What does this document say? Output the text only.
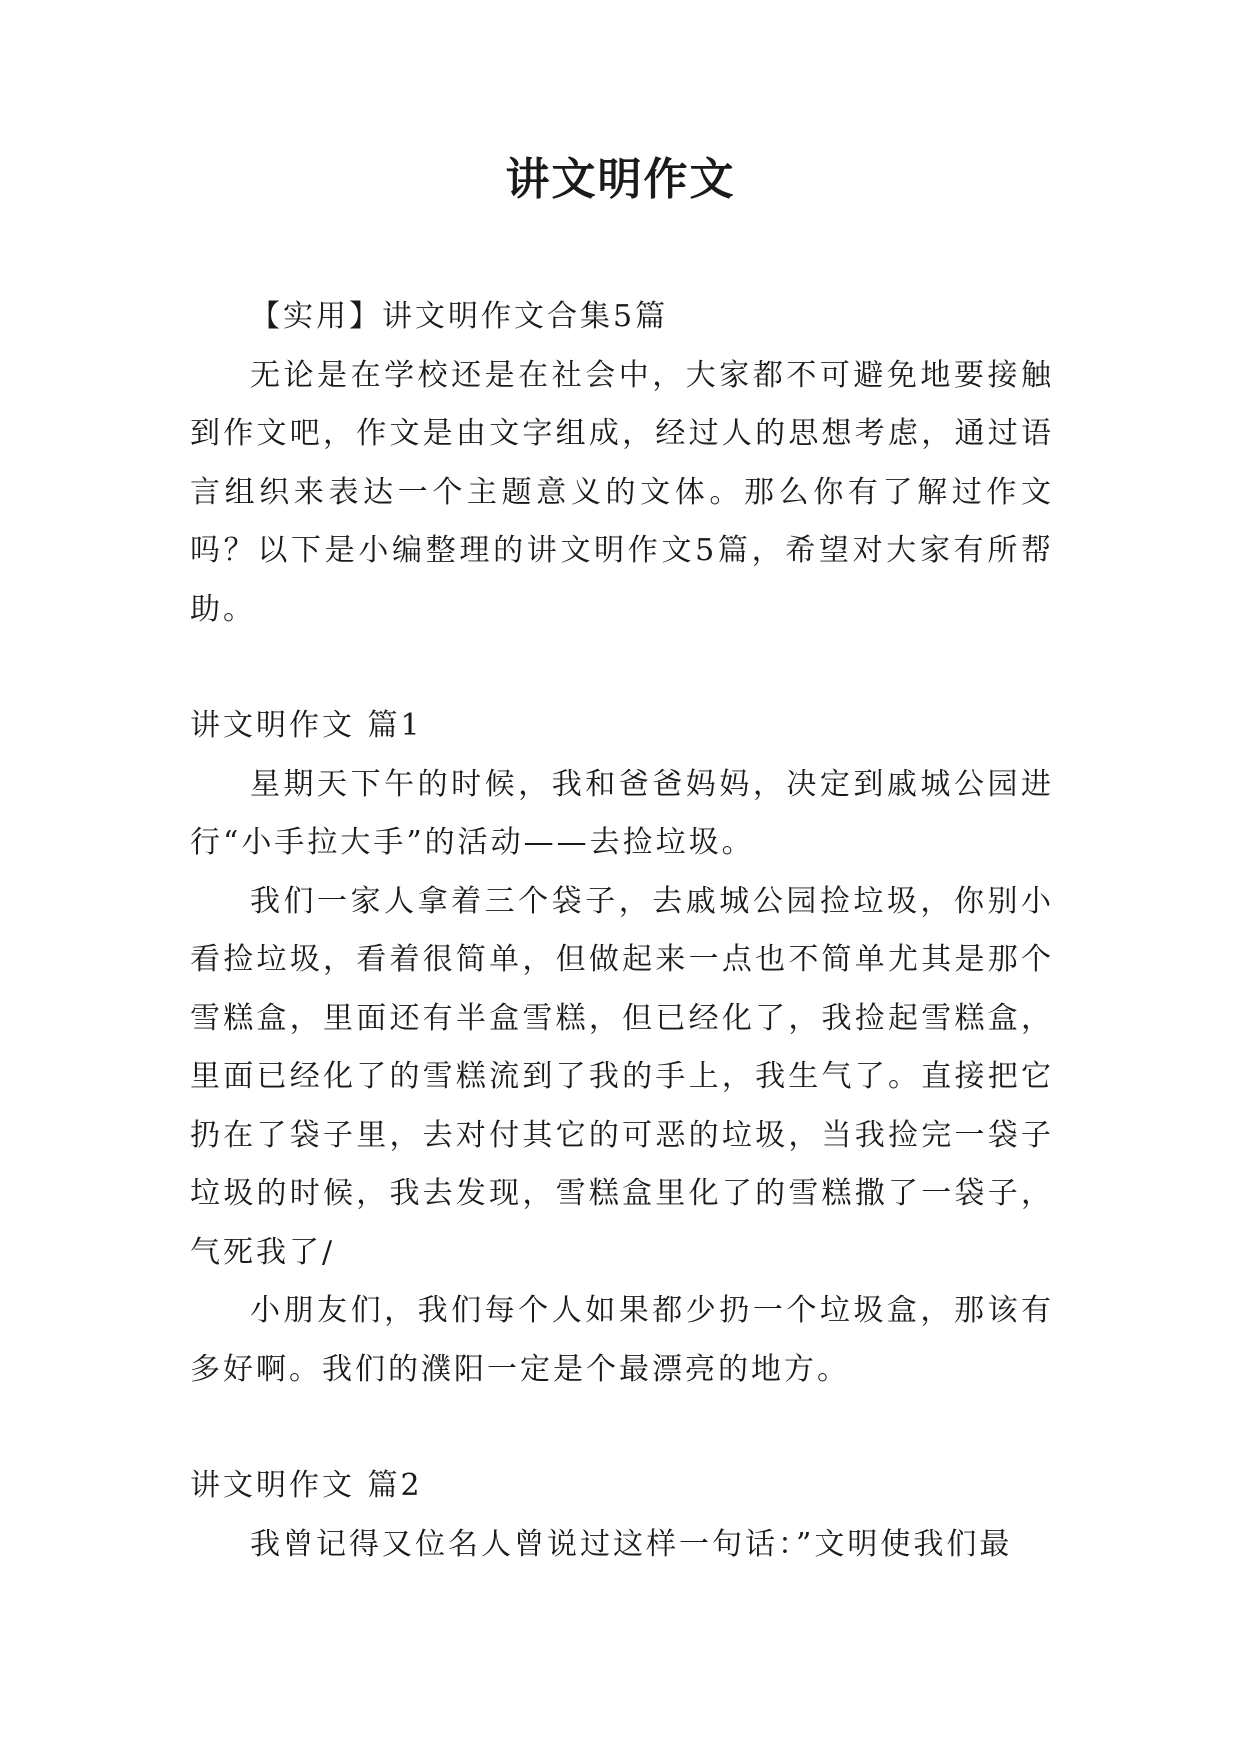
讲文明作文

【实用】讲文明作文合集5篇

无论是在学校还是在社会中，大家都不可避免地要接触到作文吧，作文是由文字组成，经过人的思想考虑，通过语言组织来表达一个主题意义的文体。那么你有了解过作文吗？以下是小编整理的讲文明作文5篇，希望对大家有所帮助。

讲文明作文 篇1

星期天下午的时候，我和爸爸妈妈，决定到戚城公园进行“小手拉大手”的活动——去捡垃圾。

我们一家人拿着三个袋子，去戚城公园捡垃圾，你别小看捡垃圾，看着很简单，但做起来一点也不简单尤其是那个雪糕盒，里面还有半盒雪糕，但已经化了，我捡起雪糕盒，里面已经化了的雪糕流到了我的手上，我生气了。直接把它扔在了袋子里，去对付其它的可恶的垃圾，当我捡完一袋子垃圾的时候，我去发现，雪糕盒里化了的雪糕撒了一袋子，气死我了/

小朋友们，我们每个人如果都少扔一个垃圾盒，那该有多好啊。我们的濮阳一定是个最漂亮的地方。

讲文明作文 篇2

我曾记得又位名人曾说过这样一句话：”文明使我们最
